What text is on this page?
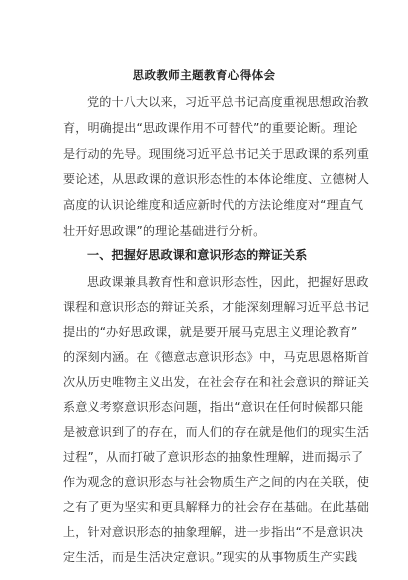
思政教师主题教育心得体会
党的十八大以来，习近平总书记高度重视思想政治教
育，明确提出“思政课作用不可替代”的重要论断。理论
是行动的先导。现围绕习近平总书记关于思政课的系列重
要论述，从思政课的意识形态性的本体论维度、立德树人
高度的认识论维度和适应新时代的方法论维度对“理直气
壮开好思政课”的理论基础进行分析。
一、把握好思政课和意识形态的辩证关系
思政课兼具教育性和意识形态性，因此，把握好思政
课程和意识形态的辩证关系，才能深刻理解习近平总书记
提出的“办好思政课，就是要开展马克思主义理论教育”
的深刻内涵。在《德意志意识形态》中，马克思恩格斯首
次从历史唯物主义出发，在社会存在和社会意识的辩证关
系意义考察意识形态问题，指出“意识在任何时候都只能
是被意识到了的存在，而人们的存在就是他们的现实生活
过程”，从而打破了意识形态的抽象性理解，进而揭示了
作为观念的意识形态与社会物质生产之间的内在关联，使
之有了更为坚实和更具解释力的社会存在基础。在此基础
上，针对意识形态的抽象理解，进一步指出“不是意识决
定生活，而是生活决定意识。”现实的从事物质生产实践
